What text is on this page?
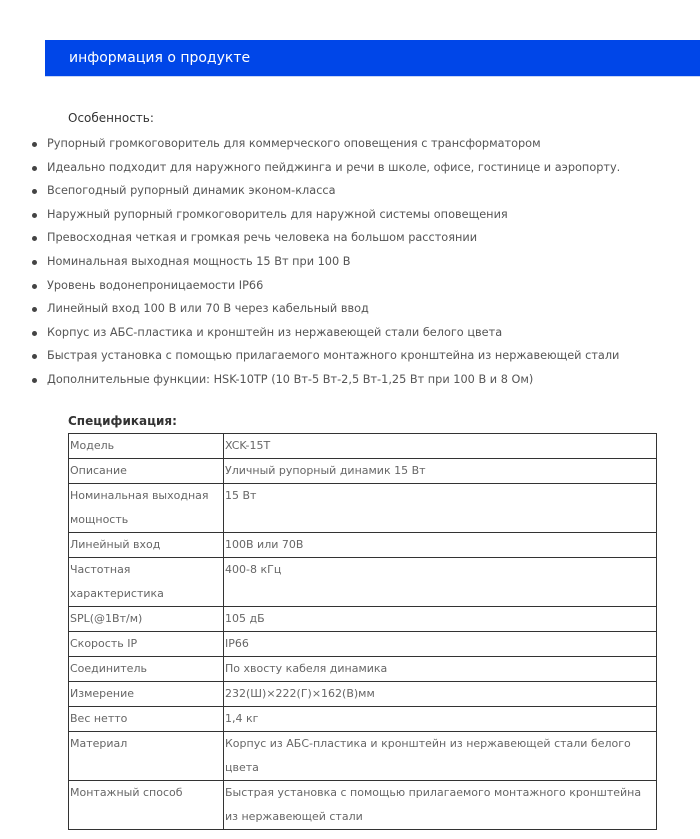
информация о продукте
Особенность:
Рупорный громкоговоритель для коммерческого оповещения с трансформатором
Идеально подходит для наружного пейджинга и речи в школе, офисе, гостинице и аэропорту.
Всепогодный рупорный динамик эконом-класса
Наружный рупорный громкоговоритель для наружной системы оповещения
Превосходная четкая и громкая речь человека на большом расстоянии
Номинальная выходная мощность 15 Вт при 100 В
Уровень водонепроницаемости IP66
Линейный вход 100 В или 70 В через кабельный ввод
Корпус из АБС-пластика и кронштейн из нержавеющей стали белого цвета
Быстрая установка с помощью прилагаемого монтажного кронштейна из нержавеющей стали
Дополнительные функции: HSK-10TP (10 Вт-5 Вт-2,5 Вт-1,25 Вт при 100 В и 8 Ом)
Спецификация:
Модель	XCK-15T
Описание	Уличный рупорный динамик 15 Вт
Номинальная выходная мощность	15 Вт
Линейный вход	100В или 70В
Частотная характеристика	400-8 кГц
SPL(@1Вт/м)	105 дБ
Скорость IP	IP66
Соединитель	По хвосту кабеля динамика
Измерение	232(Ш)×222(Г)×162(В)мм
Вес нетто	1,4 кг
Материал	Корпус из АБС-пластика и кронштейн из нержавеющей стали белого цвета
Монтажный способ	Быстрая установка с помощью прилагаемого монтажного кронштейна из нержавеющей стали
